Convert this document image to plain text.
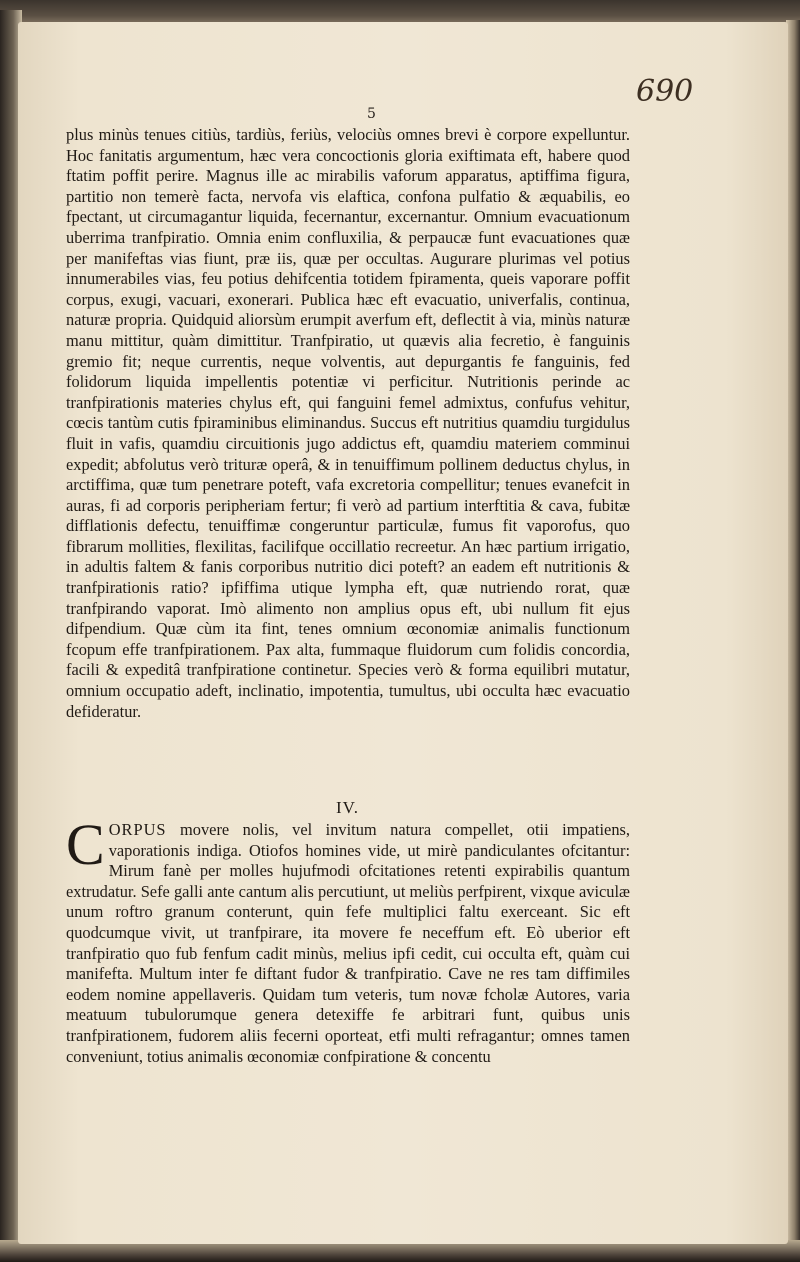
690
5

plus minùs tenues citiùs, tardiùs, feriùs, velociùs omnes brevi è corpore expelluntur. Hoc fanitatis argumentum, hæc vera concoctionis gloria exiftimata eft, habere quod ftatim poffit perire. Magnus ille ac mirabilis vaforum apparatus, aptiffima figura, partitio non temerè facta, nervofa vis elaftica, confona pulfatio & æquabilis, eo fpectant, ut circumagantur liquida, fecernantur, excernantur. Omnium evacuationum uberrima tranfpiratio. Omnia enim confluxilia, & perpaucæ funt evacuationes quæ per manifeftas vias fiunt, præ iis, quæ per occultas. Augurare plurimas vel potius innumerabiles vias, feu potius dehifcentia totidem fpiramenta, queis vaporare poffit corpus, exugi, vacuari, exonerari. Publica hæc eft evacuatio, univerfalis, continua, naturæ propria. Quidquid aliorsùm erumpit averfum eft, deflectit à via, minùs naturæ manu mittitur, quàm dimittitur. Tranfpiratio, ut quævis alia fecretio, è fanguinis gremio fit; neque currentis, neque volventis, aut depurgantis fe fanguinis, fed folidorum liquida impellentis potentiæ vi perficitur. Nutritionis perinde ac tranfpirationis materies chylus eft, qui fanguini femel admixtus, confufus vehitur, cœcis tantùm cutis fpiraminibus eliminandus. Succus eft nutritius quamdiu turgidulus fluit in vafis, quamdiu circuitionis jugo addictus eft, quamdiu materiem comminui expedit; abfolutus verò trituræ operâ, & in tenuiffimum pollinem deductus chylus, in arctiffima, quæ tum penetrare poteft, vafa excretoria compellitur; tenues evanefcit in auras, fi ad corporis peripheriam fertur; fi verò ad partium interftitia & cava, fubitæ difflationis defectu, tenuiffimæ congeruntur particulæ, fumus fit vaporofus, quo fibrarum mollities, flexilitas, facilifque occillatio recreetur. An hæc partium irrigatio, in adultis faltem & fanis corporibus nutritio dici poteft? an eadem eft nutritionis & tranfpirationis ratio? ipfiffima utique lympha eft, quæ nutriendo rorat, quæ tranfpirando vaporat. Imò alimento non amplius opus eft, ubi nullum fit ejus difpendium. Quæ cùm ita fint, tenes omnium œconomiæ animalis functionum fcopum effe tranfpirationem. Pax alta, fummaque fluidorum cum folidis concordia, facili & expeditâ tranfpiratione continetur. Species verò & forma equilibri mutatur, omnium occupatio adeft, inclinatio, impotentia, tumultus, ubi occulta hæc evacuatio defideratur.

IV.
CORPUS movere nolis, vel invitum natura compellet, otii impatiens, vaporationis indiga. Otiofos homines vide, ut mirè pandiculantes ofcitantur: Mirum fanè per molles hujufmodi ofcitationes retenti expirabilis quantum extrudatur. Sefe galli ante cantum alis percutiunt, ut meliùs perfpirent, vixque aviculæ unum roftro granum conterunt, quin fefe multiplici faltu exerceant. Sic eft quodcumque vivit, ut tranfpirare, ita movere fe neceffum eft. Eò uberior eft tranfpiratio quo fub fenfum cadit minùs, melius ipfi cedit, cui occulta eft, quàm cui manifefta. Multum inter fe diftant fudor & tranfpiratio. Cave ne res tam diffimiles eodem nomine appellaveris. Quidam tum veteris, tum novæ fcholæ Autores, varia meatuum tubulorumque genera detexiffe fe arbitrari funt, quibus unis tranfpirationem, fudorem aliis fecerni oporteat, etfi multi refragantur; omnes tamen conveniunt, totius animalis œconomiæ confpiratione & concentu
